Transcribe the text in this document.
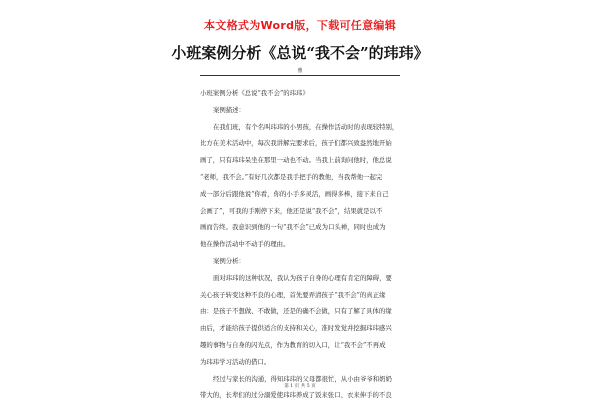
本文格式为Word版，下载可任意编辑
小班案例分析《总说“我不会”的玮玮》
雅
小班案例分析《总说“我不会”的玮玮》
案例描述：
在我们班，有个名叫玮玮的小男孩，在操作活动时的表现较特别，
比方在美术活动中，每次我讲解完要求后，孩子们都兴致盎然地开始
画了，只有玮玮呆坐在那里一动也不动。当我上前询问他时，他总说
“老师，我不会。”有好几次都是我手把手的教他，当我帮他一起完
成一部分后跟他说“你看，你的小手多灵活，画得多棒，接下来自己
会画了”，可我的手刚停下来，他还是说“我不会”，结果就是以不
画而告终。我意识到他的一句“我不会”已成为口头禅，同时也成为
他在操作活动中不动手的理由。
案例分析：
面对玮玮的这种状况，我认为孩子自身的心理有肯定的障碍，要
关心孩子转变这种不良的心理，首先要弄清孩子“我不会”的真正缘
由：是孩子不想做、不敢做，还是的确不会做，只有了解了具体的缘
由后，才能给孩子提供适合的支持和关心，准时发觉并挖掘玮玮感兴
趣的事物与自身的闪光点，作为教育的切入口，让“我不会”不再成
为玮玮学习活动的借口。
经过与家长的沟通，得知玮玮的父母都很忙，从小由爷爷和奶奶
带大的，长辈们的过分溺爱使玮玮养成了饭来张口、衣来伸手的不良
第 1 页 共 5 页
